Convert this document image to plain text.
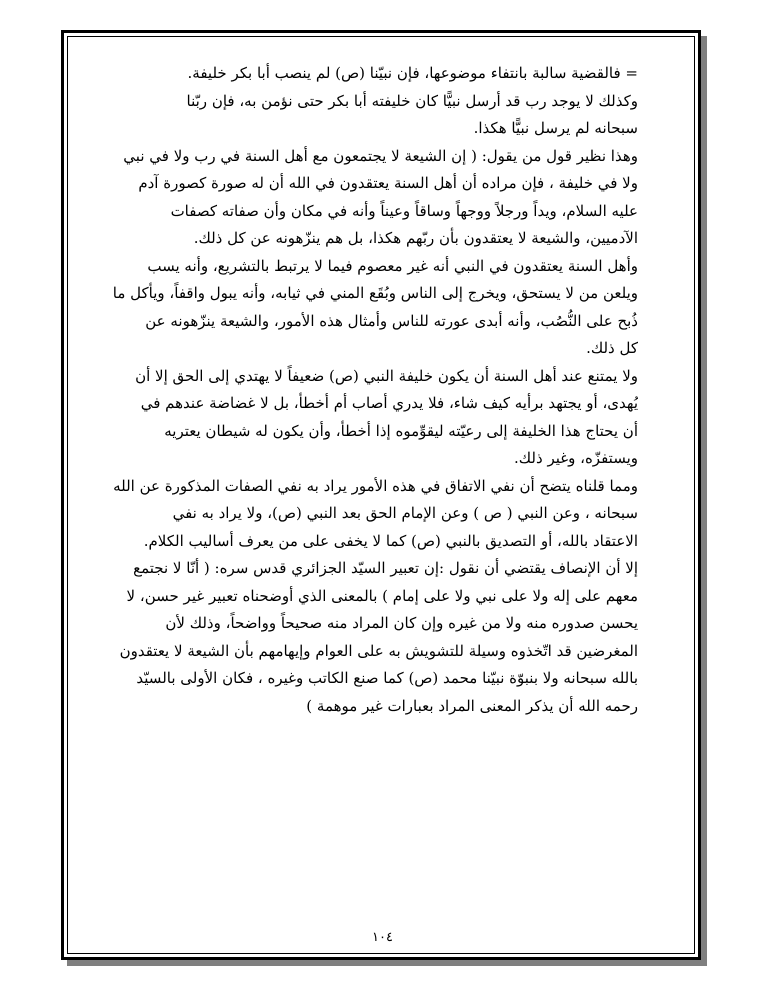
= فالقضية سالبة بانتفاء موضوعها، فإن نبيّنا (ص) لم ينصب أبا بكر خليفة.
وكذلك لا يوجد رب قد أرسل نبيًّا كان خليفته أبا بكر حتى نؤمن به، فإن ربّنا
سبحانه لم يرسل نبيًّا هكذا.
وهذا نظير قول من يقول: ( إن الشيعة لا يجتمعون مع أهل السنة في رب ولا في نبي
ولا في خليفة ، فإن مراده أن أهل السنة يعتقدون في الله أن له صورة كصورة آدم
عليه السلام، ويداً ورجلاً ووجهاً وساقاً وعيناً وأنه في مكان وأن صفاته كصفات
الآدميين، والشيعة لا يعتقدون بأن ربّهم هكذا، بل هم ينزّهونه عن كل ذلك.
وأهل السنة يعتقدون في النبي أنه غير معصوم فيما لا يرتبط بالتشريع، وأنه يسب
ويلعن من لا يستحق، ويخرج إلى الناس وبُقَع المني في ثيابه، وأنه يبول واقفاً، ويأكل ما
ذُبح على النُّصُب، وأنه أبدى عورته للناس وأمثال هذه الأمور، والشيعة ينزّهونه عن
كل ذلك.
ولا يمتنع عند أهل السنة أن يكون خليفة النبي (ص) ضعيفاً لا يهتدي إلى الحق إلا أن
يُهدى، أو يجتهد برأيه كيف شاء، فلا يدري أصاب أم أخطأ، بل لا غضاضة عندهم في
أن يحتاج هذا الخليفة إلى رعيّته ليقوِّموه إذا أخطأ، وأن يكون له شيطان يعتريه
ويستفزّه، وغير ذلك.
ومما قلناه يتضح أن نفي الاتفاق في هذه الأمور يراد به نفي الصفات المذكورة عن الله
سبحانه ، وعن النبي ( ص ) وعن الإمام الحق بعد النبي (ص)، ولا يراد به نفي
الاعتقاد بالله، أو التصديق بالنبي (ص) كما لا يخفى على من يعرف أساليب الكلام.
إلا أن الإنصاف يقتضي أن نقول :إن تعبير السيّد الجزائري قدس سره: ( أنّا لا نجتمع
معهم على إله ولا على نبي ولا على إمام ) بالمعنى الذي أوضحناه تعبير غير حسن، لا
يحسن صدوره منه ولا من غيره وإن كان المراد منه صحيحاً وواضحاً، وذلك لأن
المغرضين قد اتّخذوه وسيلة للتشويش به على العوام وإيهامهم بأن الشيعة لا يعتقدون
بالله سبحانه ولا بنبوّة نبيّنا محمد (ص) كما صنع الكاتب وغيره ، فكان الأولى بالسيّد
رحمه الله أن يذكر المعنى المراد بعبارات غير موهمة )
١٠٤
